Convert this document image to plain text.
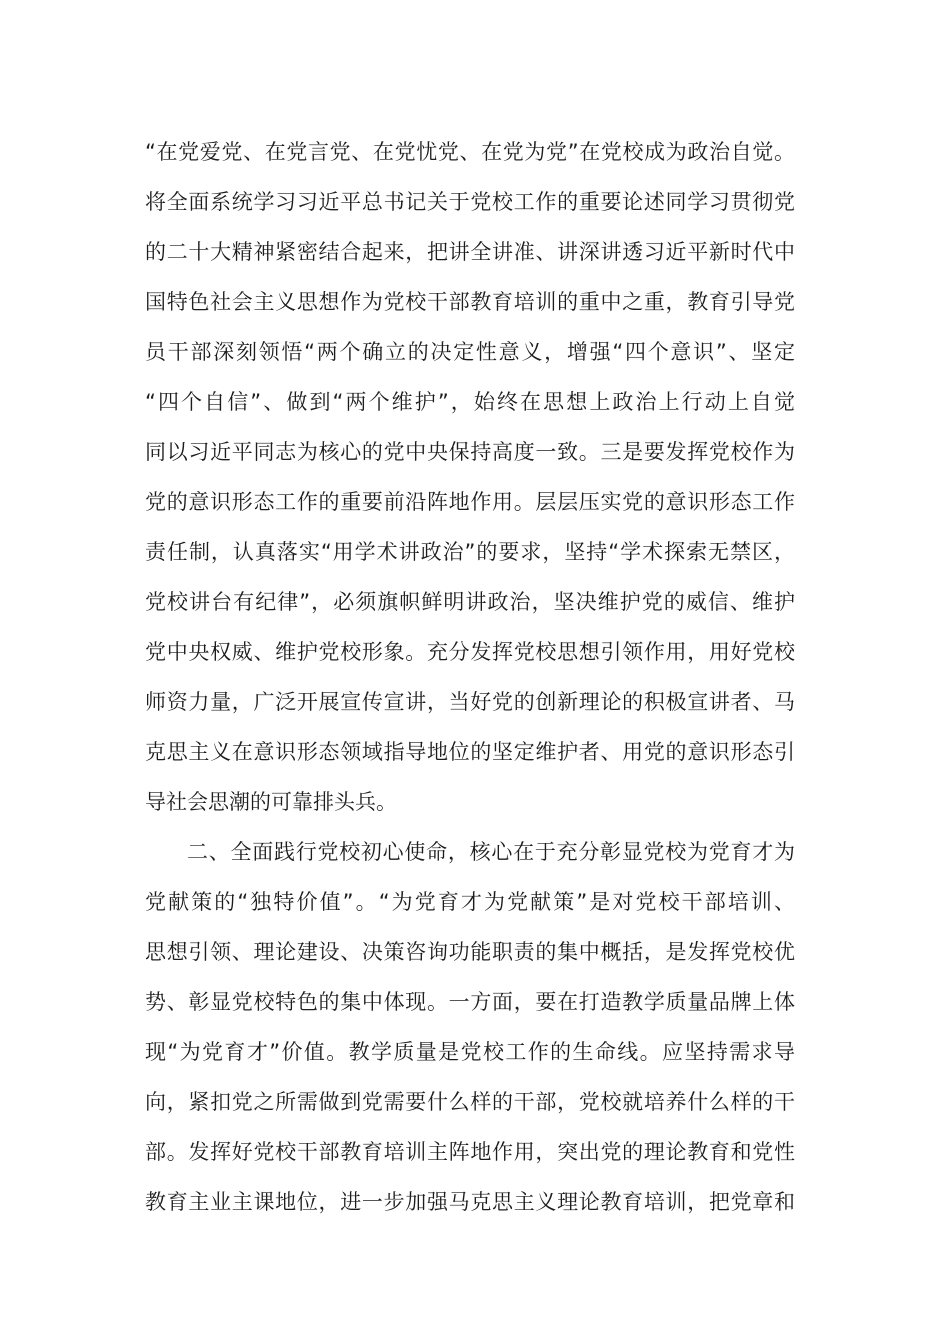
“在党爱党、在党言党、在党忧党、在党为党”在党校成为政治自觉。
将全面系统学习习近平总书记关于党校工作的重要论述同学习贯彻党
的二十大精神紧密结合起来，把讲全讲准、讲深讲透习近平新时代中
国特色社会主义思想作为党校干部教育培训的重中之重，教育引导党
员干部深刻领悟“两个确立的决定性意义，增强“四个意识”、坚定
“四个自信”、做到“两个维护”，始终在思想上政治上行动上自觉
同以习近平同志为核心的党中央保持高度一致。三是要发挥党校作为
党的意识形态工作的重要前沿阵地作用。层层压实党的意识形态工作
责任制，认真落实“用学术讲政治”的要求，坚持“学术探索无禁区，
党校讲台有纪律”，必须旗帜鲜明讲政治，坚决维护党的威信、维护
党中央权威、维护党校形象。充分发挥党校思想引领作用，用好党校
师资力量，广泛开展宣传宣讲，当好党的创新理论的积极宣讲者、马
克思主义在意识形态领域指导地位的坚定维护者、用党的意识形态引
导社会思潮的可靠排头兵。
二、全面践行党校初心使命，核心在于充分彰显党校为党育才为
党献策的“独特价值”。“为党育才为党献策”是对党校干部培训、
思想引领、理论建设、决策咨询功能职责的集中概括，是发挥党校优
势、彰显党校特色的集中体现。一方面，要在打造教学质量品牌上体
现“为党育才”价值。教学质量是党校工作的生命线。应坚持需求导
向，紧扣党之所需做到党需要什么样的干部，党校就培养什么样的干
部。发挥好党校干部教育培训主阵地作用，突出党的理论教育和党性
教育主业主课地位，进一步加强马克思主义理论教育培训，把党章和
